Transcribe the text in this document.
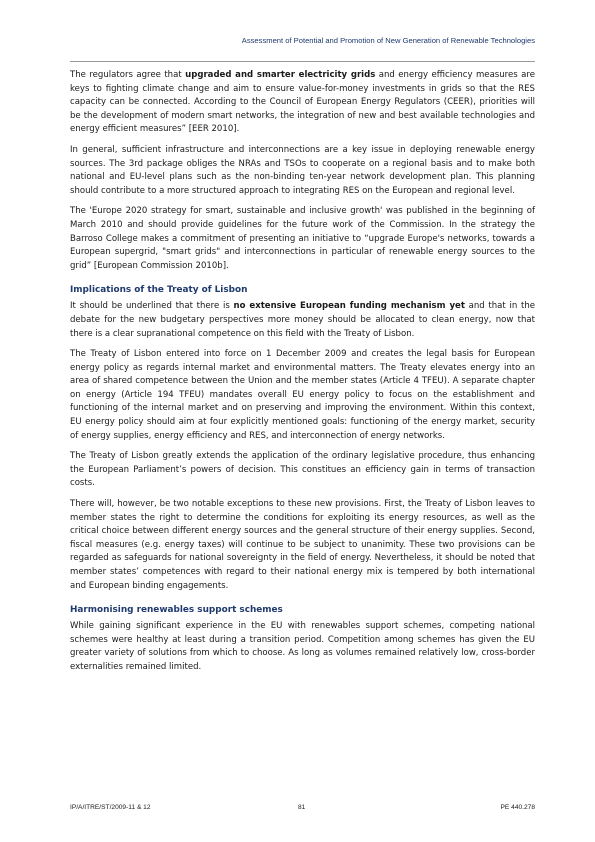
Assessment of Potential and Promotion of New Generation of Renewable Technologies

The regulators agree that upgraded and smarter electricity grids and energy efficiency measures are keys to fighting climate change and aim to ensure value-for-money investments in grids so that the RES capacity can be connected. According to the Council of European Energy Regulators (CEER), priorities will be the development of modern smart networks, the integration of new and best available technologies and energy efficient measures” [EER 2010].

In general, sufficient infrastructure and interconnections are a key issue in deploying renewable energy sources. The 3rd package obliges the NRAs and TSOs to cooperate on a regional basis and to make both national and EU-level plans such as the non-binding ten-year network development plan. This planning should contribute to a more structured approach to integrating RES on the European and regional level.

The 'Europe 2020 strategy for smart, sustainable and inclusive growth' was published in the beginning of March 2010 and should provide guidelines for the future work of the Commission. In the strategy the Barroso College makes a commitment of presenting an initiative to “upgrade Europe's networks, towards a European supergrid, "smart grids" and interconnections in particular of renewable energy sources to the grid” [European Commission 2010b].

Implications of the Treaty of Lisbon

It should be underlined that there is no extensive European funding mechanism yet and that in the debate for the new budgetary perspectives more money should be allocated to clean energy, now that there is a clear supranational competence on this field with the Treaty of Lisbon.

The Treaty of Lisbon entered into force on 1 December 2009 and creates the legal basis for European energy policy as regards internal market and environmental matters. The Treaty elevates energy into an area of shared competence between the Union and the member states (Article 4 TFEU). A separate chapter on energy (Article 194 TFEU) mandates overall EU energy policy to focus on the establishment and functioning of the internal market and on preserving and improving the environment. Within this context, EU energy policy should aim at four explicitly mentioned goals: functioning of the energy market, security of energy supplies, energy efficiency and RES, and interconnection of energy networks.

The Treaty of Lisbon greatly extends the application of the ordinary legislative procedure, thus enhancing the European Parliament’s powers of decision. This constitues an efficiency gain in terms of transaction costs.

There will, however, be two notable exceptions to these new provisions. First, the Treaty of Lisbon leaves to member states the right to determine the conditions for exploiting its energy resources, as well as the critical choice between different energy sources and the general structure of their energy supplies. Second, fiscal measures (e.g. energy taxes) will continue to be subject to unanimity. These two provisions can be regarded as safeguards for national sovereignty in the field of energy. Nevertheless, it should be noted that member states’ competences with regard to their national energy mix is tempered by both international and European binding engagements.

Harmonising renewables support schemes

While gaining significant experience in the EU with renewables support schemes, competing national schemes were healthy at least during a transition period. Competition among schemes has given the EU greater variety of solutions from which to choose. As long as volumes remained relatively low, cross-border externalities remained limited.

IP/A/ITRE/ST/2009-11 & 12	81	PE 440.278
